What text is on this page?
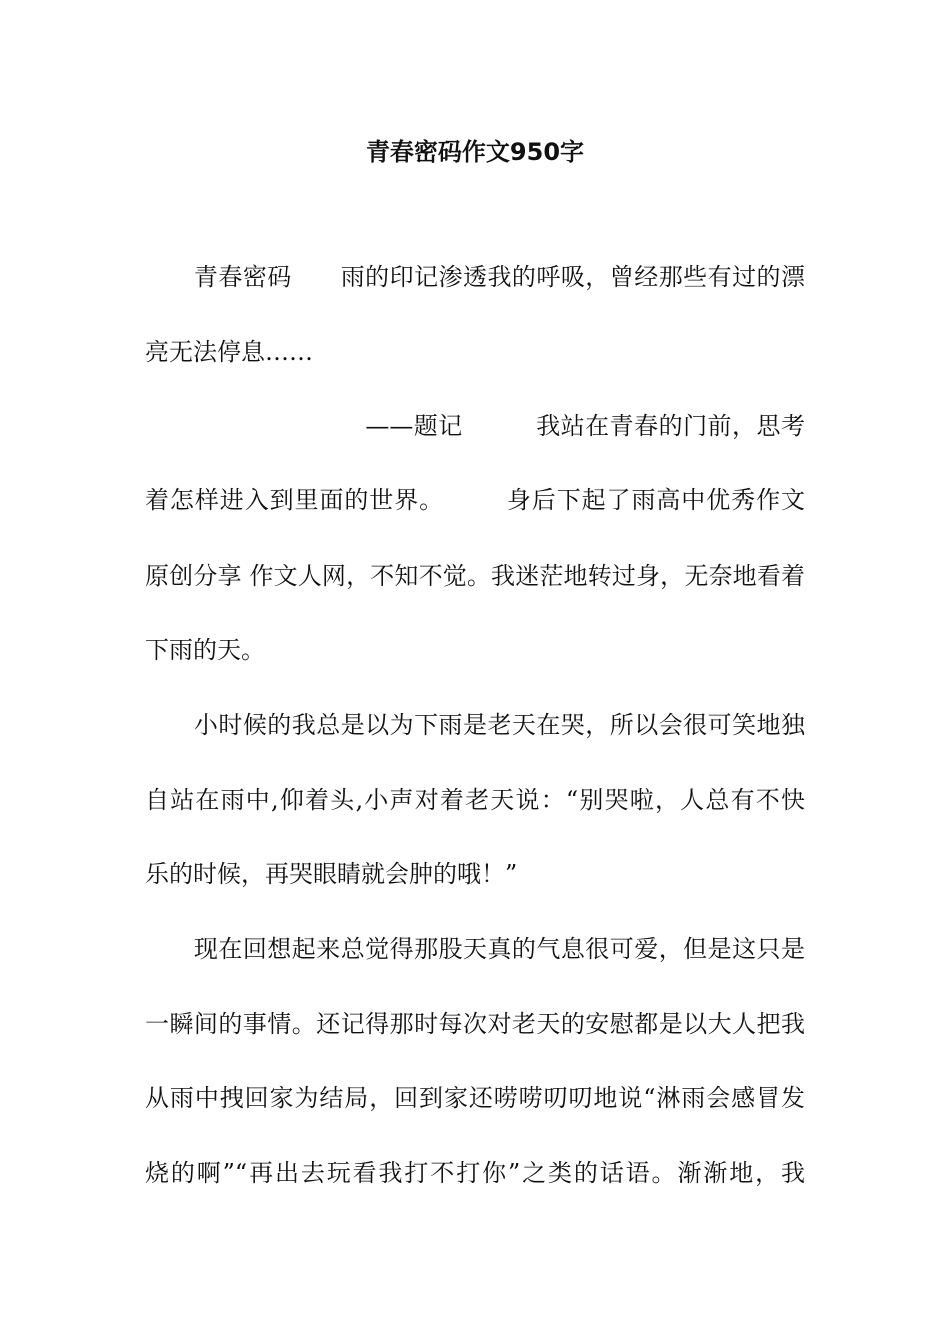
青春密码作文950字
　　青春密码　　雨的印记渗透我的呼吸，曾经那些有过的漂
亮无法停息……
　　　　　　　　　——题记　　　我站在青春的门前，思考
着怎样进入到里面的世界。　　　身后下起了雨高中优秀作文
原创分享 作文人网，不知不觉。我迷茫地转过身，无奈地看着
下雨的天。
　　小时候的我总是以为下雨是老天在哭，所以会很可笑地独
自站在雨中,仰着头,小声对着老天说：“别哭啦，人总有不快
乐的时候，再哭眼睛就会肿的哦！”
　　现在回想起来总觉得那股天真的气息很可爱，但是这只是
一瞬间的事情。还记得那时每次对老天的安慰都是以大人把我
从雨中拽回家为结局，回到家还唠唠叨叨地说“淋雨会感冒发
烧的啊”“再出去玩看我打不打你”之类的话语。渐渐地，我
